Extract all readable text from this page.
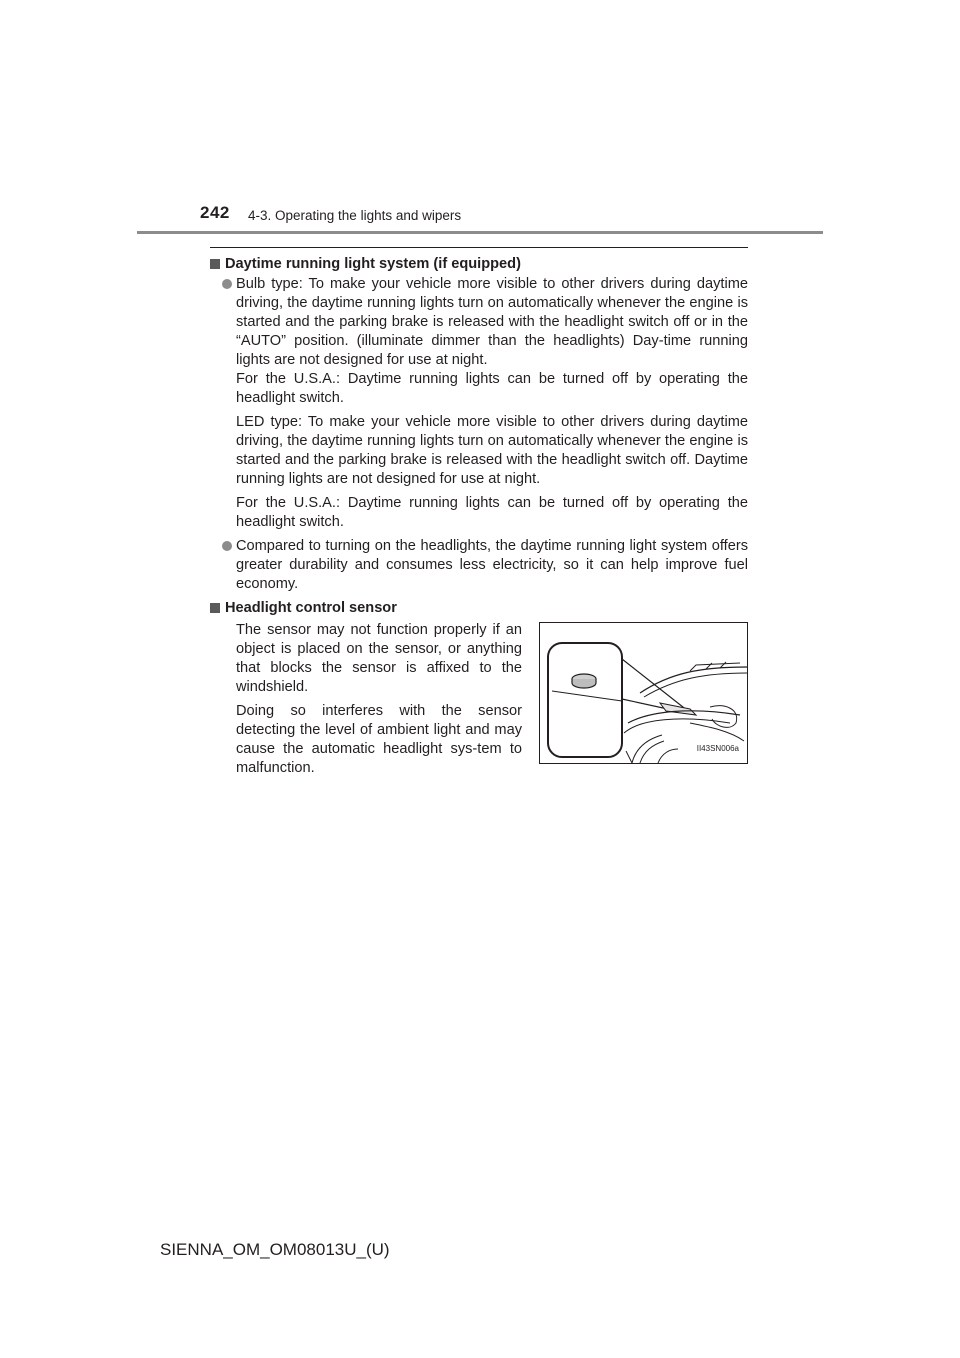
242 4-3. Operating the lights and wipers
Daytime running light system (if equipped)

Bulb type: To make your vehicle more visible to other drivers during daytime driving, the daytime running lights turn on automatically whenever the engine is started and the parking brake is released with the headlight switch off or in the “AUTO” position. (illuminate dimmer than the headlights) Day-time running lights are not designed for use at night.

For the U.S.A.: Daytime running lights can be turned off by operating the headlight switch.

LED type: To make your vehicle more visible to other drivers during daytime driving, the daytime running lights turn on automatically whenever the engine is started and the parking brake is released with the headlight switch off. Daytime running lights are not designed for use at night.

For the U.S.A.: Daytime running lights can be turned off by operating the headlight switch.

Compared to turning on the headlights, the daytime running light system offers greater durability and consumes less electricity, so it can help improve fuel economy.

Headlight control sensor

The sensor may not function properly if an object is placed on the sensor, or anything that blocks the sensor is affixed to the windshield.

Doing so interferes with the sensor detecting the level of ambient light and may cause the automatic headlight sys-tem to malfunction.

II43SN006a
SIENNA_OM_OM08013U_(U)
